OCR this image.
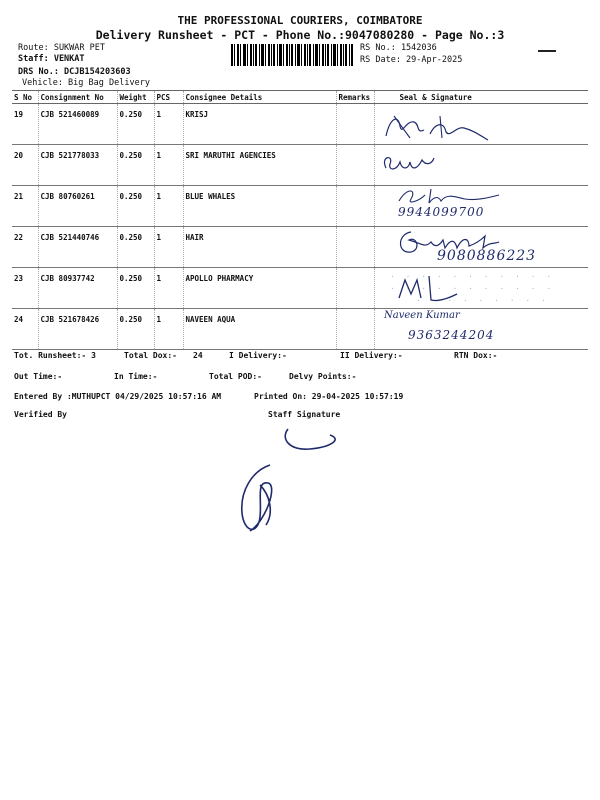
THE PROFESSIONAL COURIERS, COIMBATORE
Delivery Runsheet - PCT - Phone No.:9047080280 - Page No.:3
Route: SUKWAR PET
Staff: VENKAT
DRS No.: DCJB154203603
Vehicle: Big Bag Delivery
RS No.: 1542036
RS Date: 29-Apr-2025
S No	Consignment No	Weight	PCS	Consignee Details	Remarks	Seal & Signature
19	CJB 521460089	0.250	1	KRISJ		
20	CJB 521778033	0.250	1	SRI MARUTHI AGENCIES		
21	CJB 80760261	0.250	1	BLUE WHALES		
22	CJB 521440746	0.250	1	HAIR		
23	CJB 80937742	0.250	1	APOLLO PHARMACY		
24	CJB 521678426	0.250	1	NAVEEN AQUA		
9944099700
9080886223
. . . . . . . . . . .
. . . . . . . . . . .
. . . . . . . . .
Naveen Kumar
9363244204
Tot. Runsheet:- 3	Total Dox:- 24	I Delivery:-	II Delivery:-	RTN Dox:-
Out Time:-	In Time:-	Total POD:-	Delvy Points:-
Entered By :MUTHUPCT 04/29/2025 10:57:16 AM	Printed On: 29-04-2025 10:57:19
Verified By	Staff Signature
